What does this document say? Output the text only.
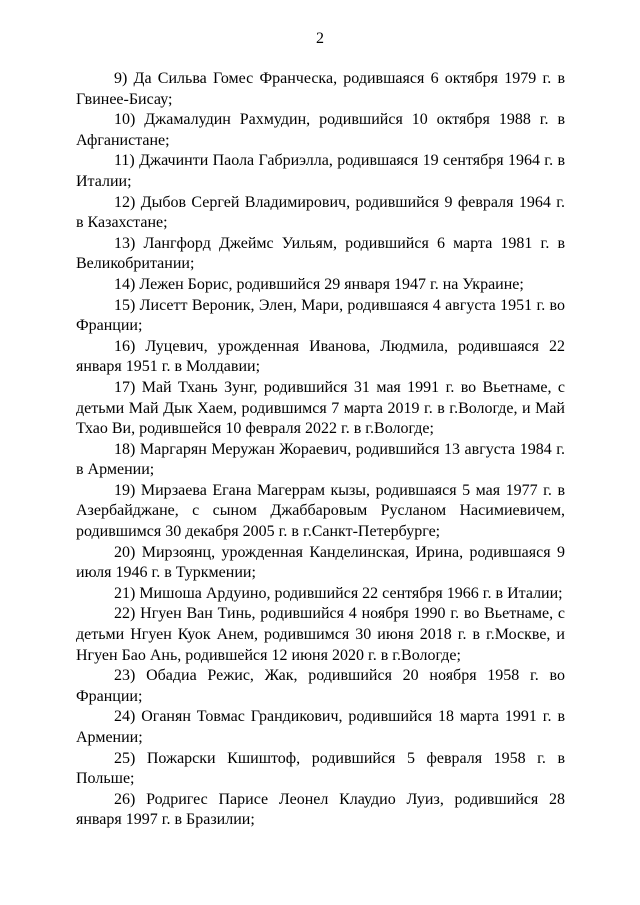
2

9) Да Сильва Гомес Франческа, родившаяся 6 октября 1979 г. в Гвинее-Бисау;

10) Джамалудин Рахмудин, родившийся 10 октября 1988 г. в Афганистане;

11) Джачинти Паола Габриэлла, родившаяся 19 сентября 1964 г. в Италии;

12) Дыбов Сергей Владимирович, родившийся 9 февраля 1964 г. в Казахстане;

13) Лангфорд Джеймс Уильям, родившийся 6 марта 1981 г. в Великобритании;

14) Лежен Борис, родившийся 29 января 1947 г. на Украине;

15) Лисетт Вероник, Элен, Мари, родившаяся 4 августа 1951 г. во Франции;

16) Луцевич, урожденная Иванова, Людмила, родившаяся 22 января 1951 г. в Молдавии;

17) Май Тхань Зунг, родившийся 31 мая 1991 г. во Вьетнаме, с детьми Май Дык Хаем, родившимся 7 марта 2019 г. в г.Вологде, и Май Тхао Ви, родившейся 10 февраля 2022 г. в г.Вологде;

18) Маргарян Меружан Жораевич, родившийся 13 августа 1984 г. в Армении;

19) Мирзаева Егана Магеррам кызы, родившаяся 5 мая 1977 г. в Азербайджане, с сыном Джаббаровым Русланом Насимиевичем, родившимся 30 декабря 2005 г. в г.Санкт-Петербурге;

20) Мирзоянц, урожденная Канделинская, Ирина, родившаяся 9 июля 1946 г. в Туркмении;

21) Мишоша Ардуино, родившийся 22 сентября 1966 г. в Италии;

22) Нгуен Ван Тинь, родившийся 4 ноября 1990 г. во Вьетнаме, с детьми Нгуен Куок Анем, родившимся 30 июня 2018 г. в г.Москве, и Нгуен Бао Ань, родившейся 12 июня 2020 г. в г.Вологде;

23) Обадиа Режис, Жак, родившийся 20 ноября 1958 г. во Франции;

24) Оганян Товмас Грандикович, родившийся 18 марта 1991 г. в Армении;

25) Пожарски Кшиштоф, родившийся 5 февраля 1958 г. в Польше;

26) Родригес Парисе Леонел Клаудио Луиз, родившийся 28 января 1997 г. в Бразилии;
